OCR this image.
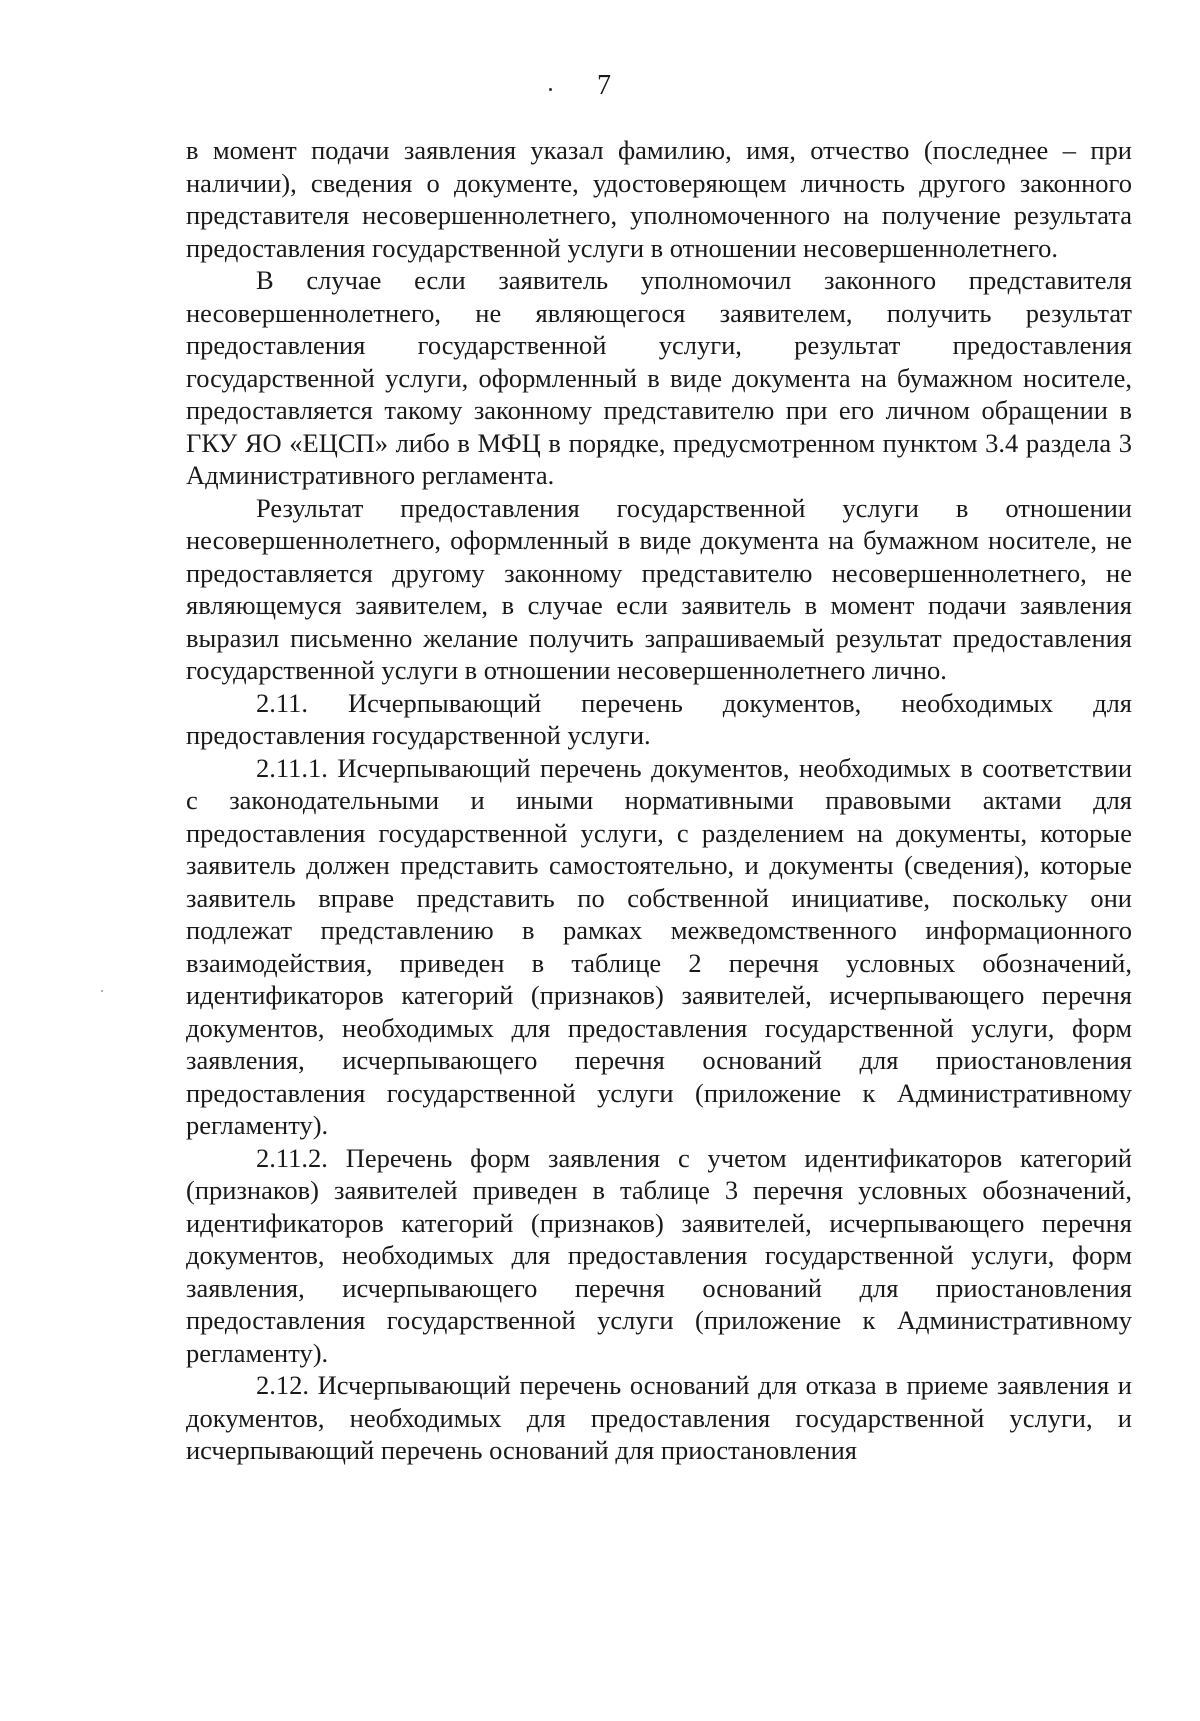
7

в момент подачи заявления указал фамилию, имя, отчество (последнее – при наличии), сведения о документе, удостоверяющем личность другого законного представителя несовершеннолетнего, уполномоченного на получение результата предоставления государственной услуги в отношении несовершеннолетнего.

В случае если заявитель уполномочил законного представителя несовершеннолетнего, не являющегося заявителем, получить результат предоставления государственной услуги, результат предоставления государственной услуги, оформленный в виде документа на бумажном носителе, предоставляется такому законному представителю при его личном обращении в ГКУ ЯО «ЕЦСП» либо в МФЦ в порядке, предусмотренном пунктом 3.4 раздела 3 Административного регламента.

Результат предоставления государственной услуги в отношении несовершеннолетнего, оформленный в виде документа на бумажном носителе, не предоставляется другому законному представителю несовершеннолетнего, не являющемуся заявителем, в случае если заявитель в момент подачи заявления выразил письменно желание получить запрашиваемый результат предоставления государственной услуги в отношении несовершеннолетнего лично.

2.11. Исчерпывающий перечень документов, необходимых для предоставления государственной услуги.

2.11.1. Исчерпывающий перечень документов, необходимых в соответствии с законодательными и иными нормативными правовыми актами для предоставления государственной услуги, с разделением на документы, которые заявитель должен представить самостоятельно, и документы (сведения), которые заявитель вправе представить по собственной инициативе, поскольку они подлежат представлению в рамках межведомственного информационного взаимодействия, приведен в таблице 2 перечня условных обозначений, идентификаторов категорий (признаков) заявителей, исчерпывающего перечня документов, необходимых для предоставления государственной услуги, форм заявления, исчерпывающего перечня оснований для приостановления предоставления государственной услуги (приложение к Административному регламенту).

2.11.2. Перечень форм заявления с учетом идентификаторов категорий (признаков) заявителей приведен в таблице 3 перечня условных обозначений, идентификаторов категорий (признаков) заявителей, исчерпывающего перечня документов, необходимых для предоставления государственной услуги, форм заявления, исчерпывающего перечня оснований для приостановления предоставления государственной услуги (приложение к Административному регламенту).

2.12. Исчерпывающий перечень оснований для отказа в приеме заявления и документов, необходимых для предоставления государственной услуги, и исчерпывающий перечень оснований для приостановления
